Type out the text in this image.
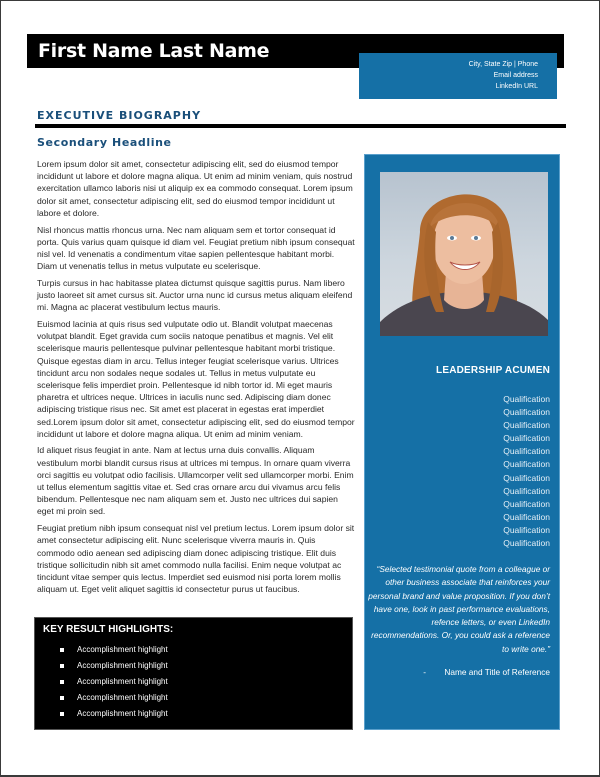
First Name Last Name
City, State Zip | Phone
Email address
LinkedIn URL
EXECUTIVE BIOGRAPHY
Secondary Headline

Lorem ipsum dolor sit amet, consectetur adipiscing elit, sed do eiusmod tempor incididunt ut labore et dolore magna aliqua. Ut enim ad minim veniam, quis nostrud exercitation ullamco laboris nisi ut aliquip ex ea commodo consequat. Lorem ipsum dolor sit amet, consectetur adipiscing elit, sed do eiusmod tempor incididunt ut labore et dolore.

Nisl rhoncus mattis rhoncus urna. Nec nam aliquam sem et tortor consequat id porta. Quis varius quam quisque id diam vel. Feugiat pretium nibh ipsum consequat nisl vel. Id venenatis a condimentum vitae sapien pellentesque habitant morbi. Diam ut venenatis tellus in metus vulputate eu scelerisque.

Turpis cursus in hac habitasse platea dictumst quisque sagittis purus. Nam libero justo laoreet sit amet cursus sit. Auctor urna nunc id cursus metus aliquam eleifend mi. Magna ac placerat vestibulum lectus mauris.

Euismod lacinia at quis risus sed vulputate odio ut. Blandit volutpat maecenas volutpat blandit. Eget gravida cum sociis natoque penatibus et magnis. Vel elit scelerisque mauris pellentesque pulvinar pellentesque habitant morbi tristique. Quisque egestas diam in arcu. Tellus integer feugiat scelerisque varius. Ultrices tincidunt arcu non sodales neque sodales ut. Tellus in metus vulputate eu scelerisque felis imperdiet proin. Pellentesque id nibh tortor id. Mi eget mauris pharetra et ultrices neque. Ultrices in iaculis nunc sed. Adipiscing diam donec adipiscing tristique risus nec. Sit amet est placerat in egestas erat imperdiet sed.Lorem ipsum dolor sit amet, consectetur adipiscing elit, sed do eiusmod tempor incididunt ut labore et dolore magna aliqua. Ut enim ad minim veniam.

Id aliquet risus feugiat in ante. Nam at lectus urna duis convallis. Aliquam vestibulum morbi blandit cursus risus at ultrices mi tempus. In ornare quam viverra orci sagittis eu volutpat odio facilisis. Ullamcorper velit sed ullamcorper morbi. Enim ut tellus elementum sagittis vitae et. Sed cras ornare arcu dui vivamus arcu felis bibendum. Pellentesque nec nam aliquam sem et. Justo nec ultrices dui sapien eget mi proin sed.

Feugiat pretium nibh ipsum consequat nisl vel pretium lectus. Lorem ipsum dolor sit amet consectetur adipiscing elit. Nunc scelerisque viverra mauris in. Quis commodo odio aenean sed adipiscing diam donec adipiscing tristique. Elit duis tristique sollicitudin nibh sit amet commodo nulla facilisi. Enim neque volutpat ac tincidunt vitae semper quis lectus. Imperdiet sed euismod nisi porta lorem mollis aliquam ut. Eget velit aliquet sagittis id consectetur purus ut faucibus.

KEY RESULT HIGHLIGHTS:
Accomplishment highlight
Accomplishment highlight
Accomplishment highlight
Accomplishment highlight
Accomplishment highlight
LEADERSHIP ACUMEN
Qualification
Qualification
Qualification
Qualification
Qualification
Qualification
Qualification
Qualification
Qualification
Qualification
Qualification
Qualification
“Selected testimonial quote from a colleague or other business associate that reinforces your personal brand and value proposition. If you don’t have one, look in past performance evaluations, refence letters, or even LinkedIn recommendations. Or, you could ask a reference to write one.”
- Name and Title of Reference
